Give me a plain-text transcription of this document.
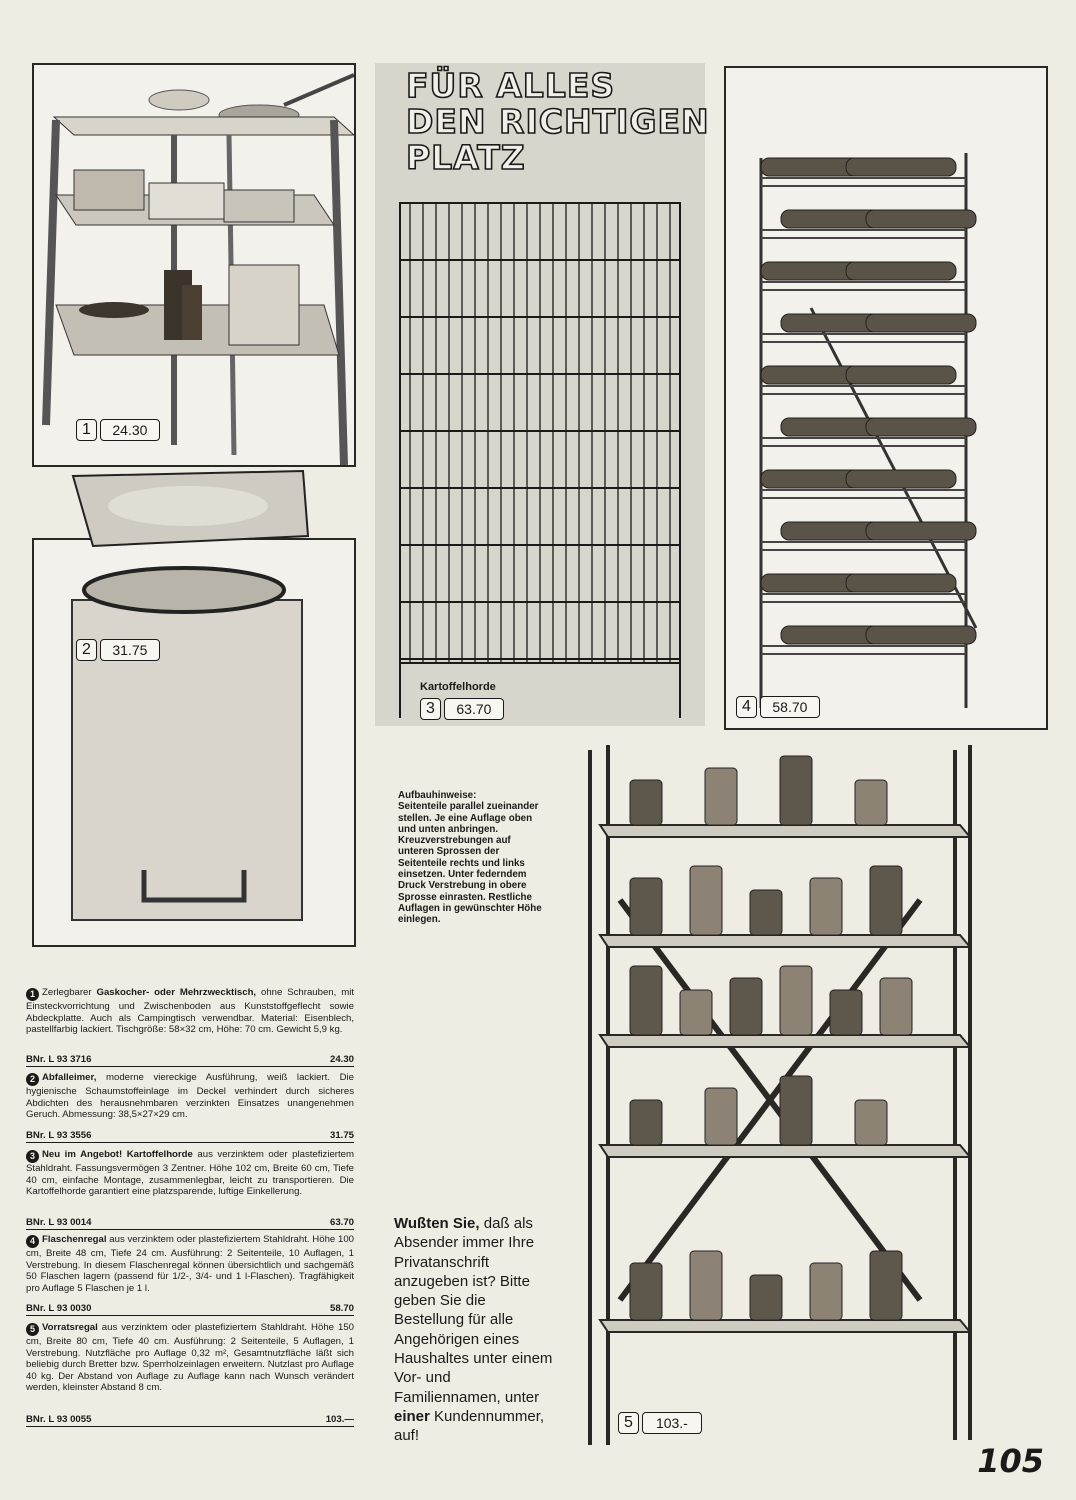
1	24.30
2	31.75
FÜR ALLES
DEN RICHTIGEN
PLATZ
Kartoffelhorde
3	63.70	4	58.70
Aufbauhinweise:
Seitenteile parallel zueinander stellen. Je eine Auflage oben und unten anbringen. Kreuzverstrebungen auf unteren Sprossen der Seitenteile rechts und links einsetzen. Unter federndem Druck Verstrebung in obere Sprosse einrasten. Restliche Auflagen in gewünschter Höhe einlegen.
5	103.-
1 Zerlegbarer Gaskocher- oder Mehrzwecktisch, ohne Schrauben, mit Einsteckvorrichtung und Zwischenboden aus Kunststoffgeflecht sowie Abdeckplatte. Auch als Campingtisch verwendbar. Material: Eisenblech, pastellfarbig lackiert. Tischgröße: 58×32 cm, Höhe: 70 cm. Gewicht 5,9 kg.
BNr. L 93 3716	24.30
2 Abfalleimer, moderne viereckige Ausführung, weiß lackiert. Die hygienische Schaumstoffeinlage im Deckel verhindert durch sicheres Abdichten des herausnehmbaren verzinkten Einsatzes unangenehmen Geruch. Abmessung: 38,5×27×29 cm.
BNr. L 93 3556	31.75
3 Neu im Angebot! Kartoffelhorde aus verzinktem oder plastefiziertem Stahldraht. Fassungsvermögen 3 Zentner. Höhe 102 cm, Breite 60 cm, Tiefe 40 cm, einfache Montage, zusammenlegbar, leicht zu transportieren. Die Kartoffelhorde garantiert eine platzsparende, luftige Einkellerung.
BNr. L 93 0014	63.70
4 Flaschenregal aus verzinktem oder plastefiziertem Stahldraht. Höhe 100 cm, Breite 48 cm, Tiefe 24 cm. Ausführung: 2 Seitenteile, 10 Auflagen, 1 Verstrebung. In diesem Flaschenregal können übersichtlich und sachgemäß 50 Flaschen lagern (passend für 1/2-, 3/4- und 1 l-Flaschen). Tragfähigkeit pro Auflage 5 Flaschen je 1 l.
BNr. L 93 0030	58.70
5 Vorratsregal aus verzinktem oder plastefiziertem Stahldraht. Höhe 150 cm, Breite 80 cm, Tiefe 40 cm. Ausführung: 2 Seitenteile, 5 Auflagen, 1 Verstrebung. Nutzfläche pro Auflage 0,32 m², Gesamtnutzfläche läßt sich beliebig durch Bretter bzw. Sperrholzeinlagen erweitern. Nutzlast pro Auflage 40 kg. Der Abstand von Auflage zu Auflage kann nach Wunsch verändert werden, kleinster Abstand 8 cm.
BNr. L 93 0055	103.—
Wußten Sie, daß als Absender immer Ihre Privatanschrift anzugeben ist? Bitte geben Sie die Bestellung für alle Angehörigen eines Haushaltes unter einem Vor- und Familiennamen, unter einer Kundennummer, auf!
105
